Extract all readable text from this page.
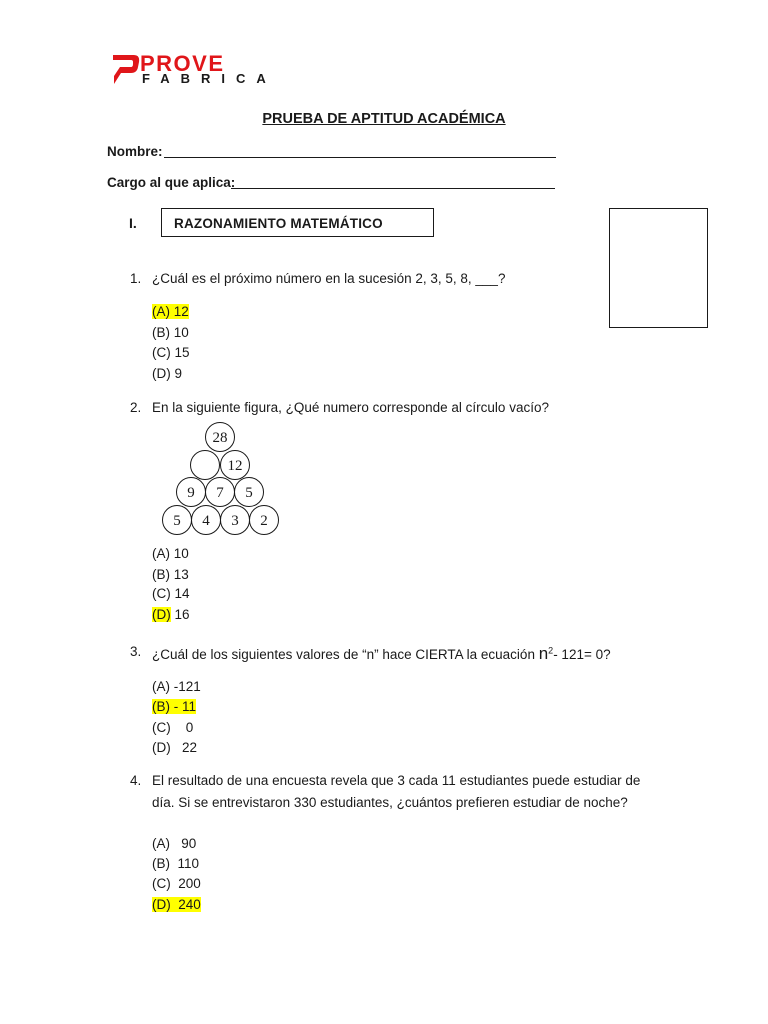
PROVE
FABRICA
PRUEBA DE APTITUD ACADÉMICA
Nombre:
Cargo al que aplica:
I.	RAZONAMIENTO MATEMÁTICO
1. ¿Cuál es el próximo número en la sucesión 2, 3, 5, 8, ___?
(A) 12
(B) 10
(C) 15
(D) 9
2. En la siguiente figura, ¿Qué numero corresponde al círculo vacío?
28
12
9 7 5
5 4 3 2
(A) 10
(B) 13
(C) 14
(D) 16
3. ¿Cuál de los siguientes valores de “n” hace CIERTA la ecuación $n^2-$ 121= 0?
(A) -121
(B) - 11
(C)    0
(D)   22
4. El resultado de una encuesta revela que 3 cada 11 estudiantes puede estudiar de
día. Si se entrevistaron 330 estudiantes, ¿cuántos prefieren estudiar de noche?
(A)   90
(B)  110
(C)  200
(D)  240
